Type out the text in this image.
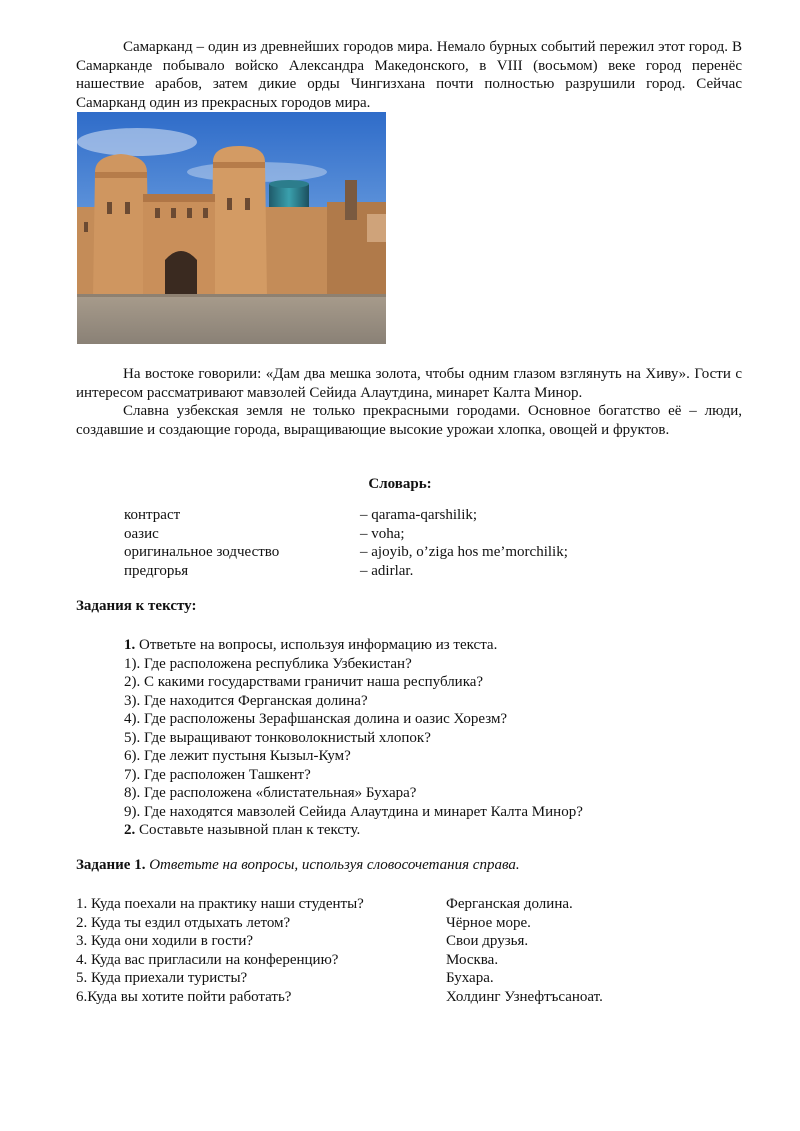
Самарканд – один из древнейших городов мира. Немало бурных событий пережил этот город. В Самарканде побывало войско Александра Македонского, в VIII (восьмом) веке город перенёс нашествие арабов, затем дикие орды Чингизхана почти полностью разрушили город. Сейчас Самарканд один из прекрасных городов мира.

На востоке говорили: «Дам два мешка золота, чтобы одним глазом взглянуть на Хиву». Гости с интересом рассматривают мавзолей Сейида Алаутдина, минарет Калта Минор.

Славна узбекская земля не только прекрасными городами. Основное богатство её – люди, создавшие и создающие города, выращивающие высокие урожаи хлопка, овощей и фруктов.

Словарь:

контраст	– qarama-qarshilik;
оазис	– voha;
оригинальное зодчество	– ajoyib, o’ziga hos me’morchilik;
предгорья	– adirlar.

Задания к тексту:

1. Ответьте на вопросы, используя информацию из текста.
1). Где расположена республика Узбекистан?
2). С какими государствами граничит наша республика?
3). Где находится Ферганская долина?
4). Где расположены Зерафшанская долина и оазис Хорезм?
5). Где выращивают тонковолокнистый хлопок?
6). Где лежит пустыня Кызыл-Кум?
7). Где расположен Ташкент?
8). Где расположена «блистательная» Бухара?
9). Где находятся мавзолей Сейида Алаутдина и минарет Калта Минор?
2. Составьте назывной план к тексту.

Задание 1. Ответьте на вопросы, используя словосочетания справа.

1. Куда поехали на практику наши студенты?	Ферганская долина.
2. Куда ты ездил отдыхать летом?	Чёрное море.
3. Куда они ходили в гости?	Свои друзья.
4. Куда вас пригласили на конференцию?	Москва.
5. Куда приехали туристы?	Бухара.
6.Куда вы хотите пойти работать?	Холдинг Узнефтъсаноат.
